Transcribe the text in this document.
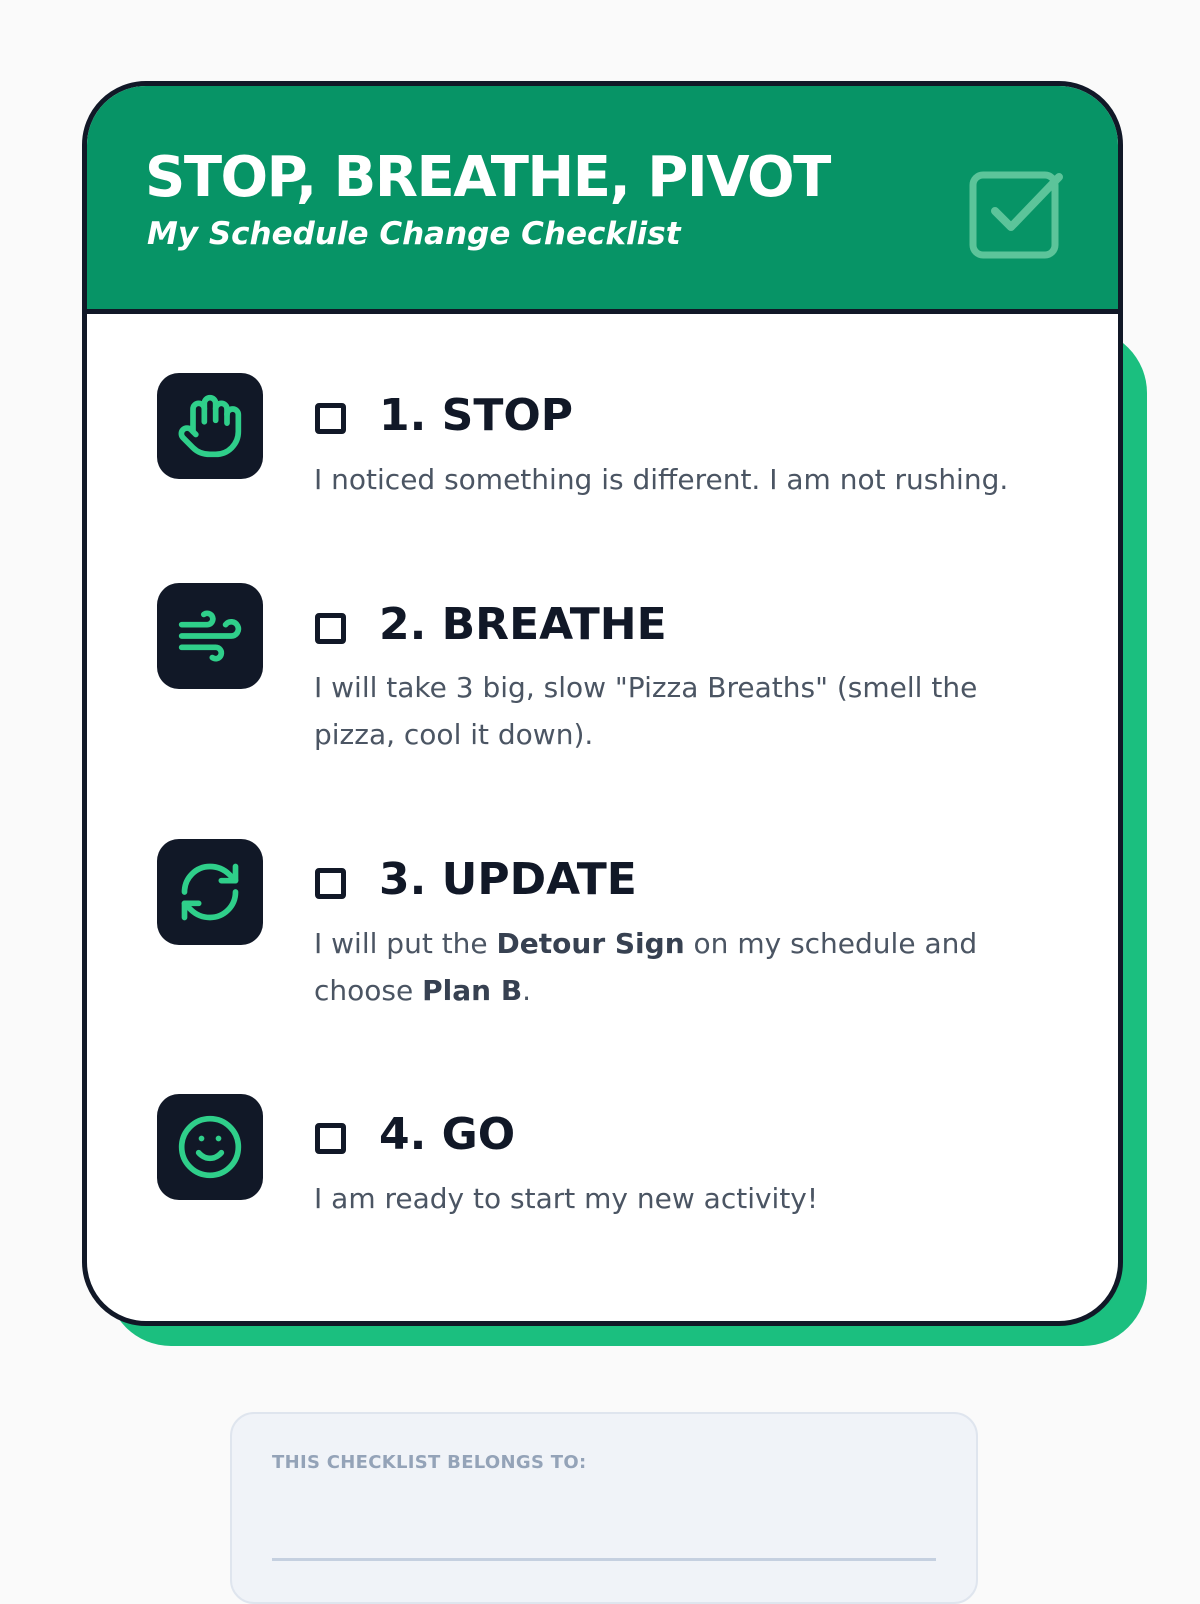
STOP, BREATHE, PIVOT

My Schedule Change Checklist

1. STOP

I noticed something is different. I am not rushing.

2. BREATHE

I will take 3 big, slow "Pizza Breaths" (smell the pizza, cool it down).

3. UPDATE

I will put the Detour Sign on my schedule and choose Plan B.

4. GO

I am ready to start my new activity!

THIS CHECKLIST BELONGS TO:
